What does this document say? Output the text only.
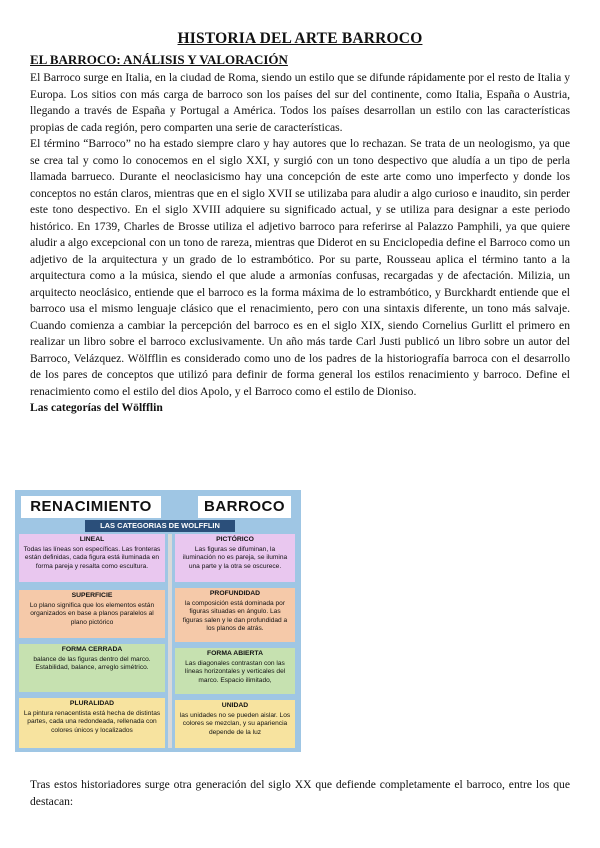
HISTORIA DEL ARTE BARROCO
EL BARROCO: ANÁLISIS Y VALORACIÓN

El Barroco surge en Italia, en la ciudad de Roma, siendo un estilo que se difunde rápidamente por el resto de Italia y Europa. Los sitios con más carga de barroco son los países del sur del continente, como Italia, España o Austria, llegando a través de España y Portugal a América. Todos los países desarrollan un estilo con las características propias de cada región, pero comparten una serie de características.

El término “Barroco” no ha estado siempre claro y hay autores que lo rechazan. Se trata de un neologismo, ya que se crea tal y como lo conocemos en el siglo XXI, y surgió con un tono despectivo que aludía a un tipo de perla llamada barrueco. Durante el neoclasicismo hay una concepción de este arte como uno imperfecto y donde los conceptos no están claros, mientras que en el siglo XVII se utilizaba para aludir a algo curioso e inaudito, sin perder este tono despectivo. En el siglo XVIII adquiere su significado actual, y se utiliza para designar a este periodo histórico. En 1739, Charles de Brosse utiliza el adjetivo barroco para referirse al Palazzo Pamphili, ya que quiere aludir a algo excepcional con un tono de rareza, mientras que Diderot en su Enciclopedia define el Barroco como un adjetivo de la arquitectura y un grado de lo estrambótico. Por su parte, Rousseau aplica el término tanto a la arquitectura como a la música, siendo el que alude a armonías confusas, recargadas y de afectación. Milizia, un arquitecto neoclásico, entiende que el barroco es la forma máxima de lo estrambótico, y Burckhardt entiende que el barroco usa el mismo lenguaje clásico que el renacimiento, pero con una sintaxis diferente, un tono más salvaje. Cuando comienza a cambiar la percepción del barroco es en el siglo XIX, siendo Cornelius Gurlitt el primero en realizar un libro sobre el barroco exclusivamente. Un año más tarde Carl Justi publicó un libro sobre un autor del Barroco, Velázquez. Wölfflin es considerado como uno de los padres de la historiografía barroca con el desarrollo de los pares de conceptos que utilizó para definir de forma general los estilos renacimiento y barroco. Define el renacimiento como el estilo del dios Apolo, y el Barroco como el estilo de Dioniso.

Las categorías del Wölfflin

RENACIMIENTO	BARROCO
LAS CATEGORIAS DE WOLFFLIN
LINEAL
Todas las líneas son específicas. Las fronteras están definidas, cada figura está iluminada en forma pareja y resalta como escultura.
SUPERFICIE
Lo plano significa que los elementos están organizados en base a planos paralelos al plano pictórico
FORMA CERRADA
balance de las figuras dentro del marco. Estabilidad, balance, arreglo simétrico.
PLURALIDAD
La pintura renacentista está hecha de distintas partes, cada una redondeada, rellenada con colores únicos y localizados
PICTÓRICO
Las figuras se difuminan, la iluminación no es pareja, se ilumina una parte y la otra se oscurece.
PROFUNDIDAD
la composición está dominada por figuras situadas en ángulo. Las figuras salen y le dan profundidad a los planos de atrás.
FORMA ABIERTA
Las diagonales contrastan con las líneas horizontales y verticales del marco. Espacio ilimitado,
UNIDAD
las unidades no se pueden aislar. Los colores se mezclan, y su apariencia depende de la luz

Tras estos historiadores surge otra generación del siglo XX que defiende completamente el barroco, entre los que destacan:
